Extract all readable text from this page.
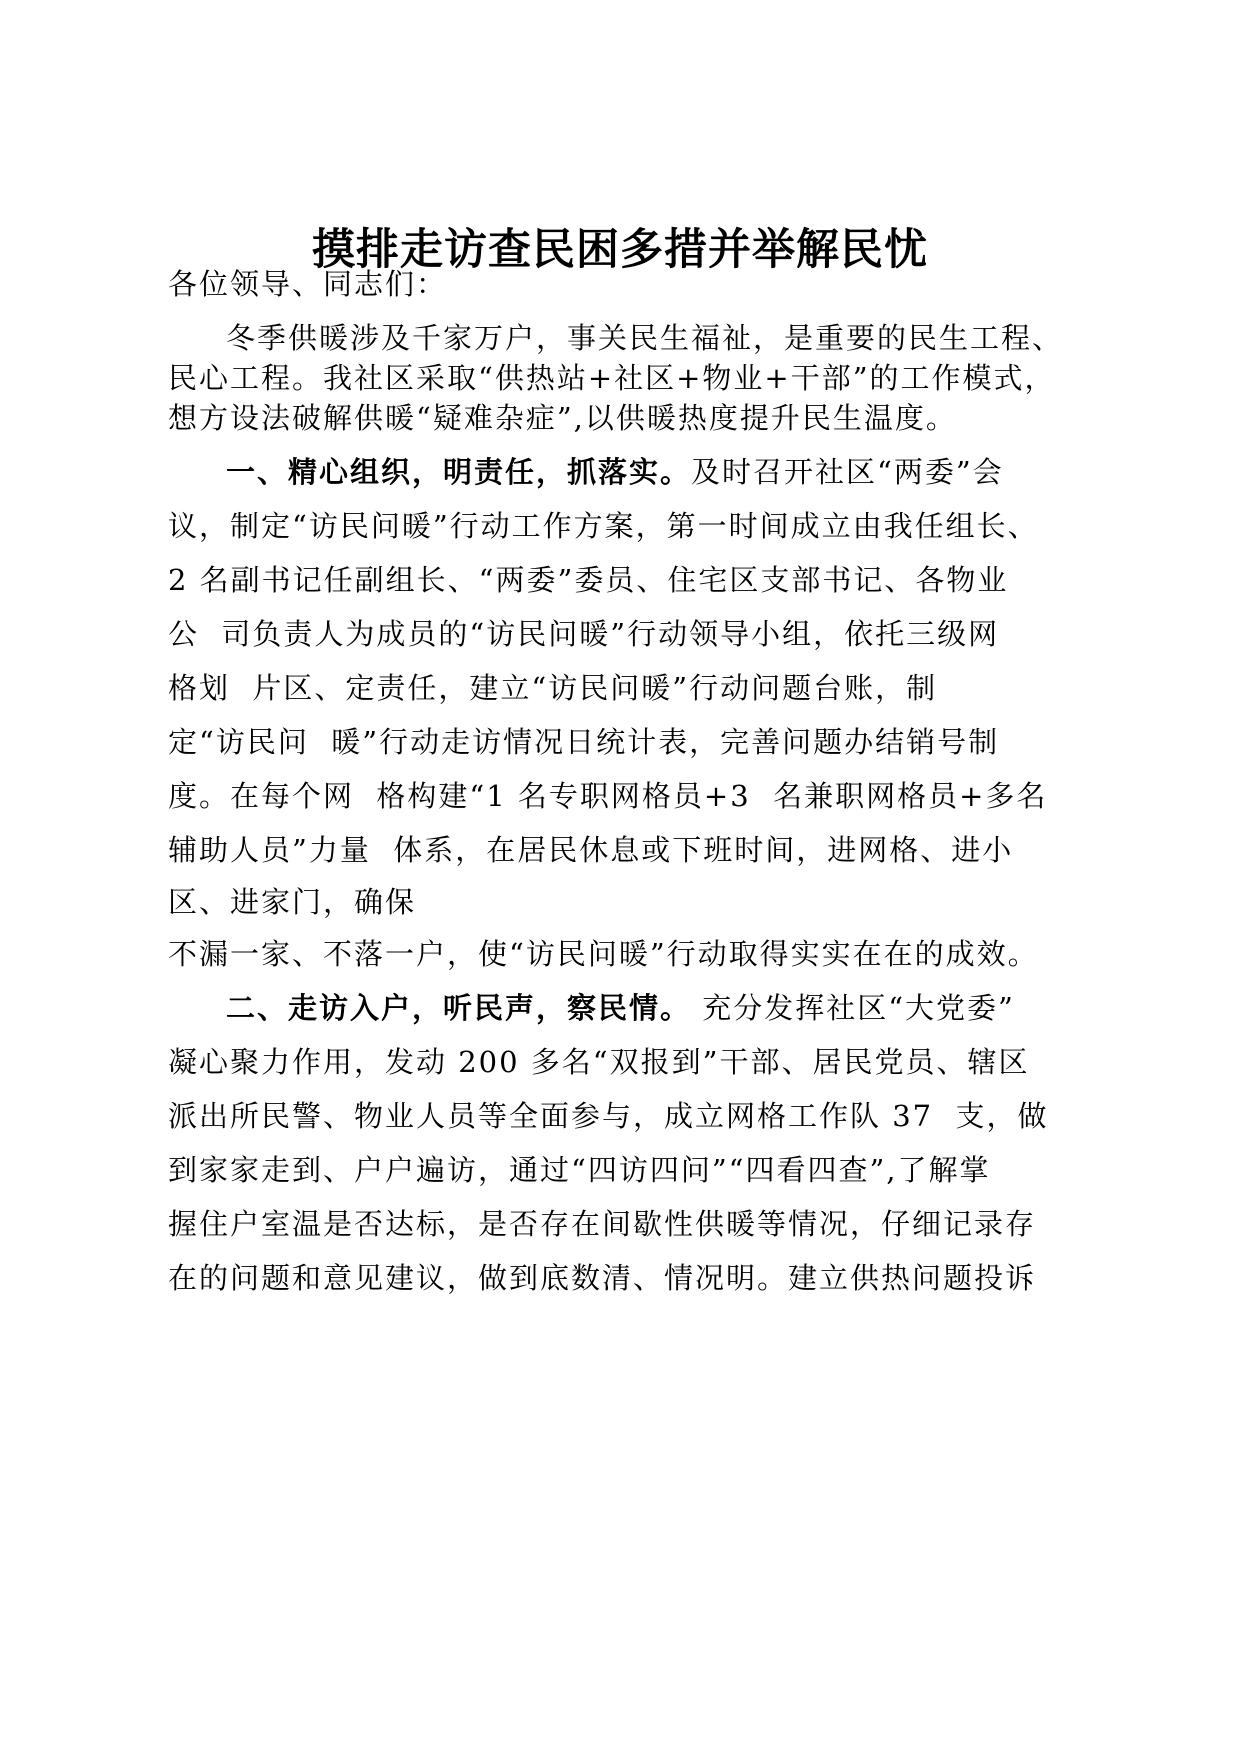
摸排走访查民困多措并举解民忧
各位领导、同志们：
冬季供暖涉及千家万户，事关民生福祉，是重要的民生工程、
民心工程。我社区采取“供热站+社区+物业+干部”的工作模式，
想方设法破解供暖“疑难杂症”,以供暖热度提升民生温度。
一、精心组织，明责任，抓落实。及时召开社区“两委”会
议，制定“访民问暖”行动工作方案，第一时间成立由我任组长、
2 名副书记任副组长、“两委”委员、住宅区支部书记、各物业
公  司负责人为成员的“访民问暖”行动领导小组，依托三级网
格划  片区、定责任，建立“访民问暖”行动问题台账，制
定“访民问  暖”行动走访情况日统计表，完善问题办结销号制
度。在每个网  格构建“1 名专职网格员+3  名兼职网格员+多名
辅助人员”力量  体系，在居民休息或下班时间，进网格、进小
区、进家门，确保
不漏一家、不落一户，使“访民问暖”行动取得实实在在的成效。
二、走访入户，听民声，察民情。 充分发挥社区“大党委”
凝心聚力作用，发动 200 多名“双报到”干部、居民党员、辖区
派出所民警、物业人员等全面参与，成立网格工作队 37  支，做
到家家走到、户户遍访，通过“四访四问”“四看四查”,了解掌
握住户室温是否达标，是否存在间歇性供暖等情况，仔细记录存
在的问题和意见建议，做到底数清、情况明。建立供热问题投诉
